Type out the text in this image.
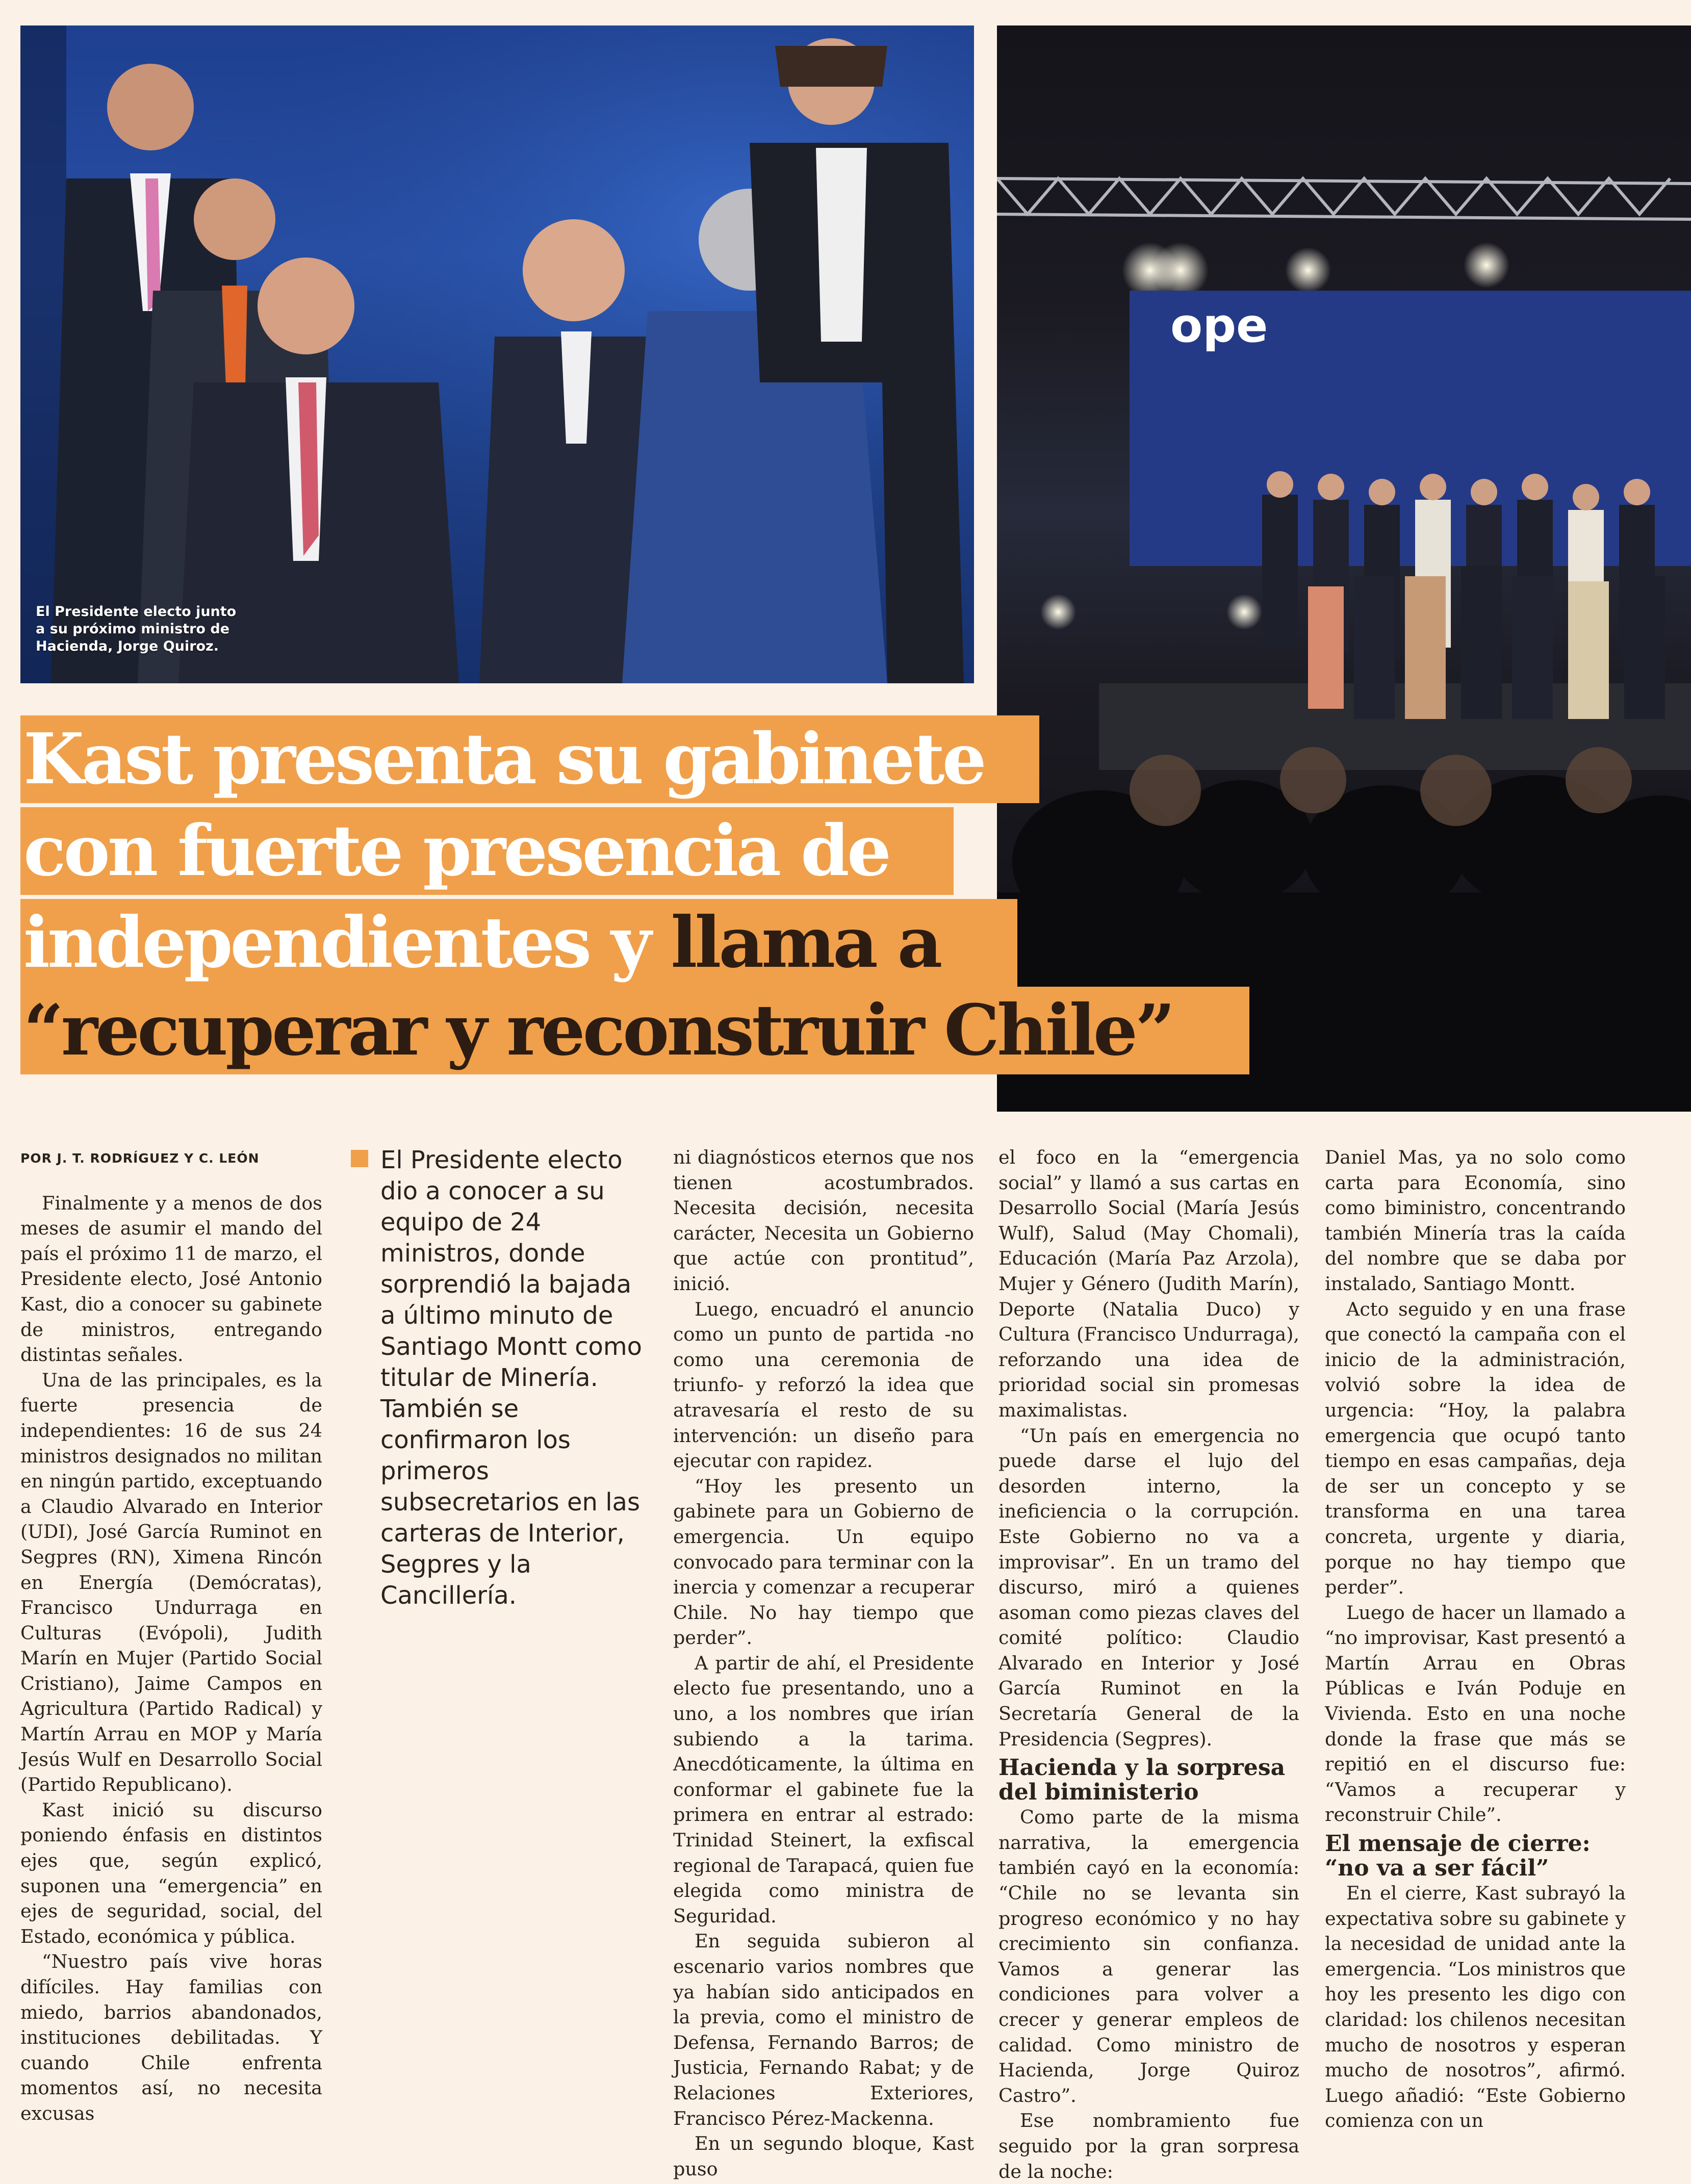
El Presidente electo junto
a su próximo ministro de
Hacienda, Jorge Quiroz.
ope
Kast presenta su gabinete
con fuerte presencia de
independientes y llama a
“recuperar y reconstruir Chile”
POR J. T. RODRÍGUEZ Y C. LEÓN

Finalmente y a menos de dos meses de asumir el mando del país el próximo 11 de marzo, el Presidente electo, José Antonio Kast, dio a conocer su gabinete de ministros, entregando distintas señales.

Una de las principales, es la fuerte presencia de independientes: 16 de sus 24 ministros designados no militan en ningún partido, exceptuando a Claudio Alvarado en Interior (UDI), José García Ruminot en Segpres (RN), Ximena Rincón en Energía (Demócratas), Francisco Undurraga en Culturas (Evópoli), Judith Marín en Mujer (Partido Social Cristiano), Jaime Campos en Agricultura (Partido Radical) y Martín Arrau en MOP y María Jesús Wulf en Desarrollo Social (Partido Republicano).

Kast inició su discurso poniendo énfasis en distintos ejes que, según explicó, suponen una “emergencia” en ejes de seguridad, social, del Estado, económica y pública.

“Nuestro país vive horas difíciles. Hay familias con miedo, barrios abandonados, instituciones debilitadas. Y cuando Chile enfrenta momentos así, no necesita excusas

El Presidente electo dio a conocer a su equipo de 24 ministros, donde sorprendió la bajada a último minuto de Santiago Montt como titular de Minería. También se confirmaron los primeros subsecretarios en las carteras de Interior, Segpres y la Cancillería.

ni diagnósticos eternos que nos tienen acostumbrados. Necesita decisión, necesita carácter, Necesita un Gobierno que actúe con prontitud”, inició.

Luego, encuadró el anuncio como un punto de partida -no como una ceremonia de triunfo- y reforzó la idea que atravesaría el resto de su intervención: un diseño para ejecutar con rapidez.

“Hoy les presento un gabinete para un Gobierno de emergencia. Un equipo convocado para terminar con la inercia y comenzar a recuperar Chile. No hay tiempo que perder”.

A partir de ahí, el Presidente electo fue presentando, uno a uno, a los nombres que irían subiendo a la tarima. Anecdóticamente, la última en conformar el gabinete fue la primera en entrar al estrado: Trinidad Steinert, la exfiscal regional de Tarapacá, quien fue elegida como ministra de Seguridad.

En seguida subieron al escenario varios nombres que ya habían sido anticipados en la previa, como el ministro de Defensa, Fernando Barros; de Justicia, Fernando Rabat; y de Relaciones Exteriores, Francisco Pérez-Mackenna.

En un segundo bloque, Kast puso

el foco en la “emergencia social” y llamó a sus cartas en Desarrollo Social (María Jesús Wulf), Salud (May Chomali), Educación (María Paz Arzola), Mujer y Género (Judith Marín), Deporte (Natalia Duco) y Cultura (Francisco Undurraga), reforzando una idea de prioridad social sin promesas maximalistas.

“Un país en emergencia no puede darse el lujo del desorden interno, la ineficiencia o la corrupción. Este Gobierno no va a improvisar”. En un tramo del discurso, miró a quienes asoman como piezas claves del comité político: Claudio Alvarado en Interior y José García Ruminot en la Secretaría General de la Presidencia (Segpres).

Hacienda y la sorpresa del biministerio

Como parte de la misma narrativa, la emergencia también cayó en la economía: “Chile no se levanta sin progreso económico y no hay crecimiento sin confianza. Vamos a generar las condiciones para volver a crecer y generar empleos de calidad. Como ministro de Hacienda, Jorge Quiroz Castro”.

Ese nombramiento fue seguido por la gran sorpresa de la noche:

Daniel Mas, ya no solo como carta para Economía, sino como biministro, concentrando también Minería tras la caída del nombre que se daba por instalado, Santiago Montt.

Acto seguido y en una frase que conectó la campaña con el inicio de la administración, volvió sobre la idea de urgencia: “Hoy, la palabra emergencia que ocupó tanto tiempo en esas campañas, deja de ser un concepto y se transforma en una tarea concreta, urgente y diaria, porque no hay tiempo que perder”.

Luego de hacer un llamado a “no improvisar, Kast presentó a Martín Arrau en Obras Públicas e Iván Poduje en Vivienda. Esto en una noche donde la frase que más se repitió en el discurso fue: “Vamos a recuperar y reconstruir Chile”.

El mensaje de cierre: “no va a ser fácil”

En el cierre, Kast subrayó la expectativa sobre su gabinete y la necesidad de unidad ante la emergencia. “Los ministros que hoy les presento les digo con claridad: los chilenos necesitan mucho de nosotros y esperan mucho de nosotros”, afirmó. Luego añadió: “Este Gobierno comienza con un
